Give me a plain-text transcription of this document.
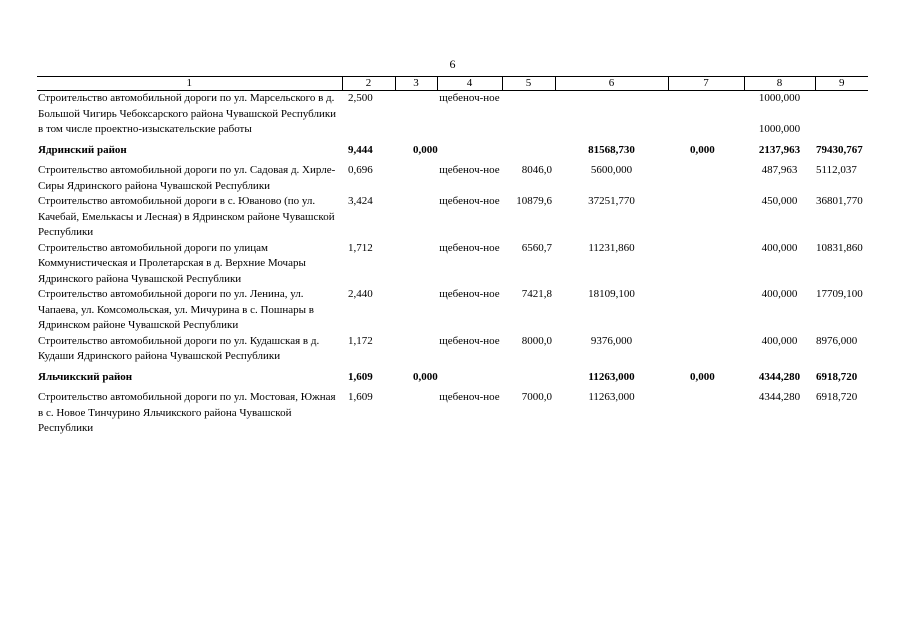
6
1	2	3	4	5	6	7	8	9
Строительство автомобильной дороги по ул. Марсельского в д. Большой Чигирь Чебоксарского района Чувашской Республики	2,500		щебеноч-ное				1000,000	
в том числе проектно-изыскательские работы							1000,000	
Ядринский район	9,444	0,000			81568,730	0,000	2137,963	79430,767
Строительство автомобильной дороги по ул. Садовая д. Хирле-Сиры Ядринского района Чувашской Республики	0,696		щебеноч-ное	8046,0	5600,000		487,963	5112,037
Строительство автомобильной дороги в с. Юваново (по ул. Качебай, Емелькасы и Лесная) в Ядринском районе Чувашской Республики	3,424		щебеноч-ное	10879,6	37251,770		450,000	36801,770
Строительство автомобильной дороги по улицам Коммунистическая и Пролетарская в д. Верхние Мочары Ядринского района Чувашской Республики	1,712		щебеноч-ное	6560,7	11231,860		400,000	10831,860
Строительство автомобильной дороги по ул. Ленина, ул. Чапаева, ул. Комсомольская, ул. Мичурина в с. Пошнары в Ядринском районе Чувашской Республики	2,440		щебеноч-ное	7421,8	18109,100		400,000	17709,100
Строительство автомобильной дороги по ул. Кудашская в д. Кудаши Ядринского района Чувашской Республики	1,172		щебеноч-ное	8000,0	9376,000		400,000	8976,000
Яльчикский район	1,609	0,000			11263,000	0,000	4344,280	6918,720
Строительство автомобильной дороги по ул. Мостовая, Южная в с. Новое Тинчурино Яльчикского района Чувашской Республики	1,609		щебеноч-ное	7000,0	11263,000		4344,280	6918,720
